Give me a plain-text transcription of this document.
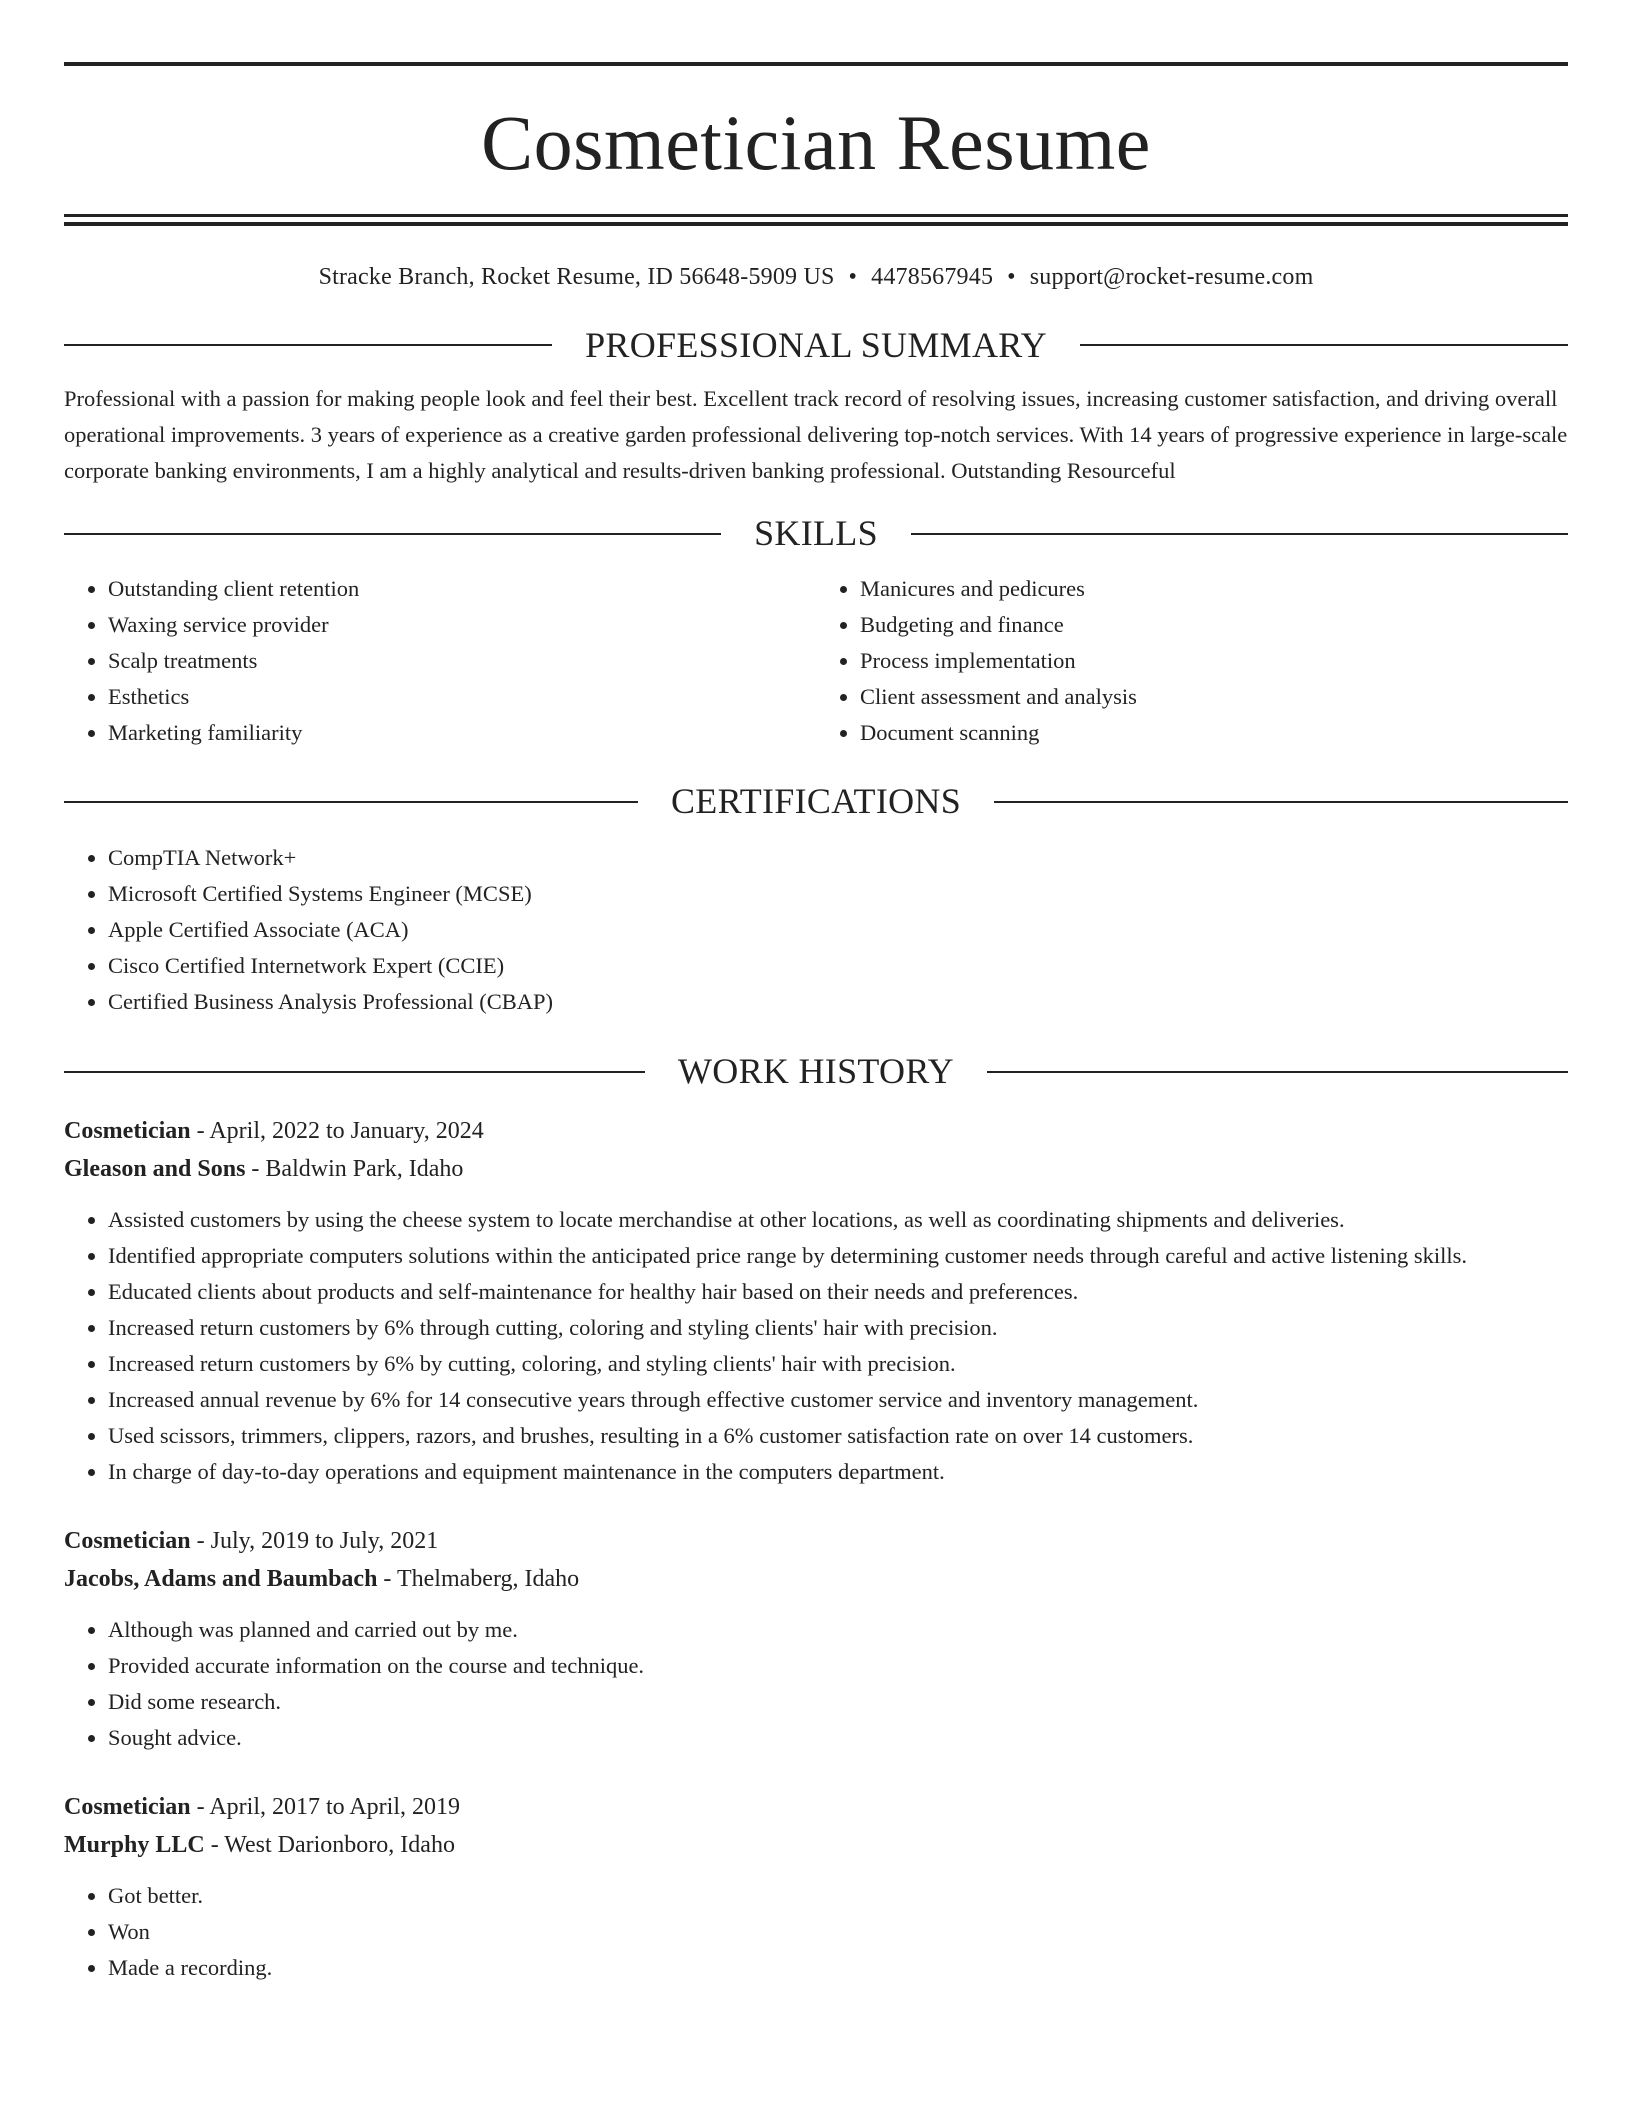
Cosmetician Resume
Stracke Branch, Rocket Resume, ID 56648-5909 US • 4478567945 • support@rocket-resume.com
PROFESSIONAL SUMMARY

Professional with a passion for making people look and feel their best. Excellent track record of resolving issues, increasing customer satisfaction, and driving overall operational improvements. 3 years of experience as a creative garden professional delivering top-notch services. With 14 years of progressive experience in large-scale corporate banking environments, I am a highly analytical and results-driven banking professional. Outstanding Resourceful

SKILLS
• Outstanding client retention
• Waxing service provider
• Scalp treatments
• Esthetics
• Marketing familiarity
• Manicures and pedicures
• Budgeting and finance
• Process implementation
• Client assessment and analysis
• Document scanning
CERTIFICATIONS
• CompTIA Network+
• Microsoft Certified Systems Engineer (MCSE)
• Apple Certified Associate (ACA)
• Cisco Certified Internetwork Expert (CCIE)
• Certified Business Analysis Professional (CBAP)
WORK HISTORY
Cosmetician - April, 2022 to January, 2024
Gleason and Sons - Baldwin Park, Idaho
• Assisted customers by using the cheese system to locate merchandise at other locations, as well as coordinating shipments and deliveries.
• Identified appropriate computers solutions within the anticipated price range by determining customer needs through careful and active listening skills.
• Educated clients about products and self-maintenance for healthy hair based on their needs and preferences.
• Increased return customers by 6% through cutting, coloring and styling clients' hair with precision.
• Increased return customers by 6% by cutting, coloring, and styling clients' hair with precision.
• Increased annual revenue by 6% for 14 consecutive years through effective customer service and inventory management.
• Used scissors, trimmers, clippers, razors, and brushes, resulting in a 6% customer satisfaction rate on over 14 customers.
• In charge of day-to-day operations and equipment maintenance in the computers department.
Cosmetician - July, 2019 to July, 2021
Jacobs, Adams and Baumbach - Thelmaberg, Idaho
• Although was planned and carried out by me.
• Provided accurate information on the course and technique.
• Did some research.
• Sought advice.
Cosmetician - April, 2017 to April, 2019
Murphy LLC - West Darionboro, Idaho
• Got better.
• Won
• Made a recording.
